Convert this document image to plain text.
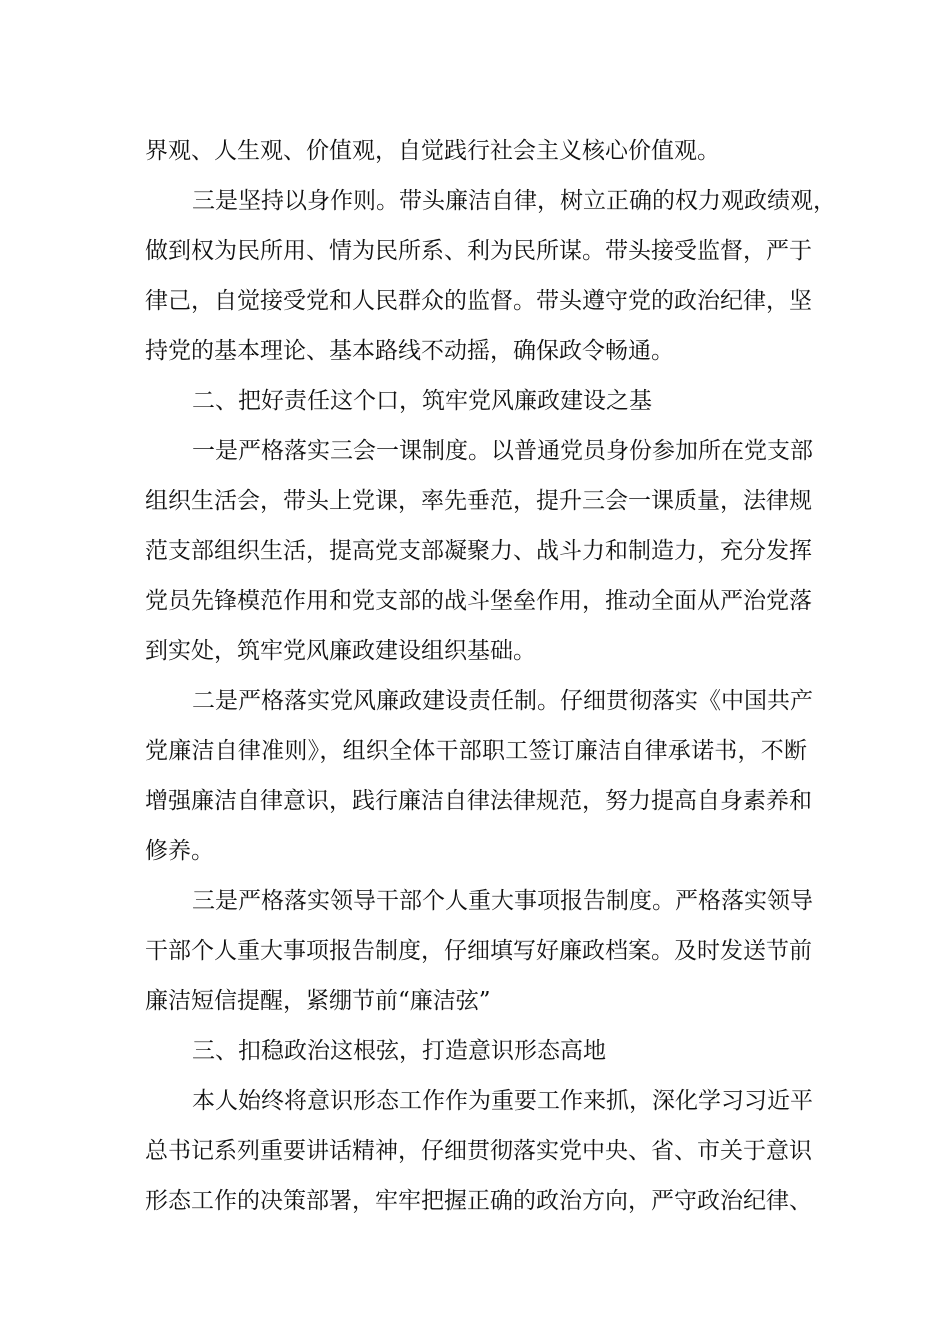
界观、人生观、价值观，自觉践行社会主义核心价值观。
三是坚持以身作则。带头廉洁自律，树立正确的权力观政绩观，
做到权为民所用、情为民所系、利为民所谋。带头接受监督，严于
律己，自觉接受党和人民群众的监督。带头遵守党的政治纪律，坚
持党的基本理论、基本路线不动摇，确保政令畅通。
二、把好责任这个口，筑牢党风廉政建设之基
一是严格落实三会一课制度。以普通党员身份参加所在党支部
组织生活会，带头上党课，率先垂范，提升三会一课质量，法律规
范支部组织生活，提高党支部凝聚力、战斗力和制造力，充分发挥
党员先锋模范作用和党支部的战斗堡垒作用，推动全面从严治党落
到实处，筑牢党风廉政建设组织基础。
二是严格落实党风廉政建设责任制。仔细贯彻落实《中国共产
党廉洁自律准则》，组织全体干部职工签订廉洁自律承诺书，不断
增强廉洁自律意识，践行廉洁自律法律规范，努力提高自身素养和
修养。
三是严格落实领导干部个人重大事项报告制度。严格落实领导
干部个人重大事项报告制度，仔细填写好廉政档案。及时发送节前
廉洁短信提醒，紧绷节前“廉洁弦”
三、扣稳政治这根弦，打造意识形态高地
本人始终将意识形态工作作为重要工作来抓，深化学习习近平
总书记系列重要讲话精神，仔细贯彻落实党中央、省、市关于意识
形态工作的决策部署，牢牢把握正确的政治方向，严守政治纪律、
